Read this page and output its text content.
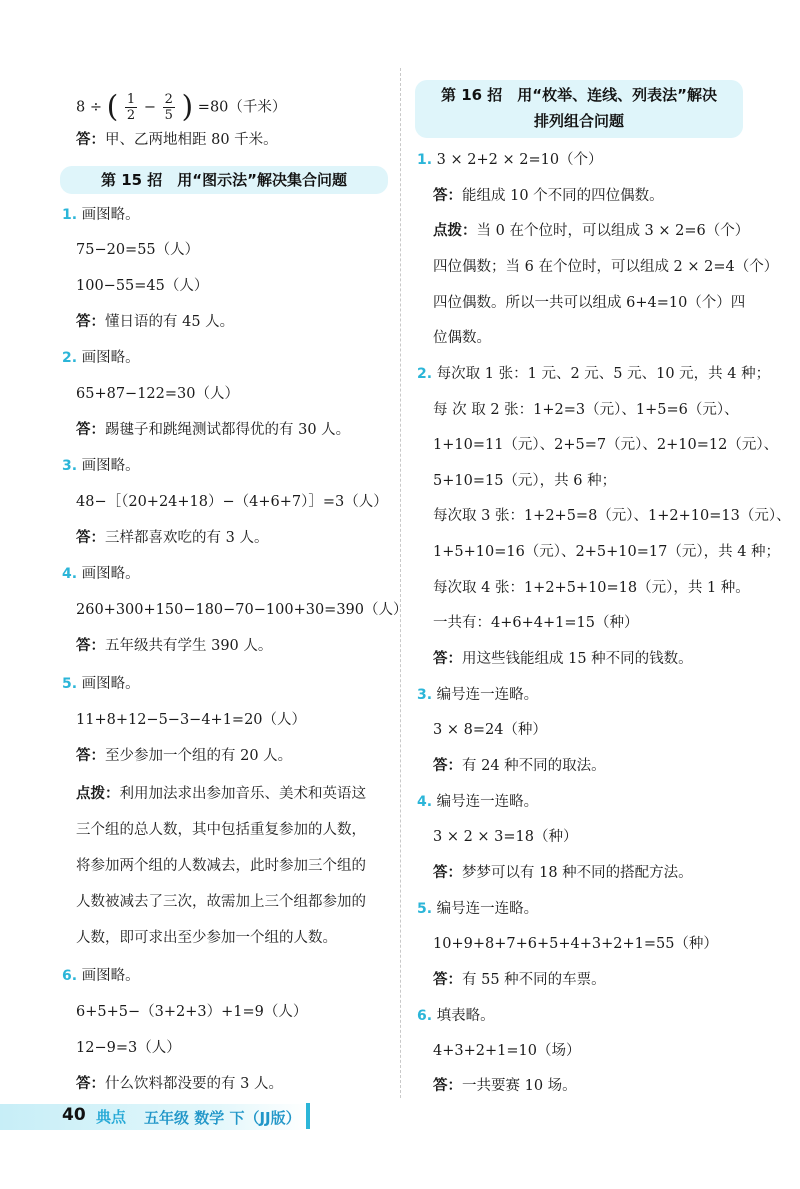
8 ÷ ( $\frac{1}{2} - \frac{2}{5}$ ) =80（千米）
答：甲、乙两地相距 80 千米。
第 15 招　用“图示法”解决集合问题
1. 画图略。
75−20=55（人）
100−55=45（人）
答：懂日语的有 45 人。
2. 画图略。
65+87−122=30（人）
答：踢毽子和跳绳测试都得优的有 30 人。
3. 画图略。
48−［（20+24+18）−（4+6+7）］=3（人）
答：三样都喜欢吃的有 3 人。
4. 画图略。
260+300+150−180−70−100+30=390（人）
答：五年级共有学生 390 人。
5. 画图略。
11+8+12−5−3−4+1=20（人）
答：至少参加一个组的有 20 人。
点拨：利用加法求出参加音乐、美术和英语这
三个组的总人数，其中包括重复参加的人数，
将参加两个组的人数减去，此时参加三个组的
人数被减去了三次，故需加上三个组都参加的
人数，即可求出至少参加一个组的人数。
6. 画图略。
6+5+5−（3+2+3）+1=9（人）
12−9=3（人）
答：什么饮料都没要的有 3 人。
第 16 招　用“枚举、连线、列表法”解决
排列组合问题
1. 3 × 2+2 × 2=10（个）
答：能组成 10 个不同的四位偶数。
点拨：当 0 在个位时，可以组成 3 × 2=6（个）
四位偶数；当 6 在个位时，可以组成 2 × 2=4（个）
四位偶数。所以一共可以组成 6+4=10（个）四
位偶数。
2. 每次取 1 张：1 元、2 元、5 元、10 元，共 4 种；
每 次 取 2 张：1+2=3（元）、1+5=6（元）、
1+10=11（元）、2+5=7（元）、2+10=12（元）、
5+10=15（元），共 6 种；
每次取 3 张：1+2+5=8（元）、1+2+10=13（元）、
1+5+10=16（元）、2+5+10=17（元），共 4 种；
每次取 4 张：1+2+5+10=18（元），共 1 种。
一共有：4+6+4+1=15（种）
答：用这些钱能组成 15 种不同的钱数。
3. 编号连一连略。
3 × 8=24（种）
答：有 24 种不同的取法。
4. 编号连一连略。
3 × 2 × 3=18（种）
答：梦梦可以有 18 种不同的搭配方法。
5. 编号连一连略。
10+9+8+7+6+5+4+3+2+1=55（种）
答：有 55 种不同的车票。
6. 填表略。
4+3+2+1=10（场）
答：一共要赛 10 场。
40 典点 五年级 数学 下（JJ版）
